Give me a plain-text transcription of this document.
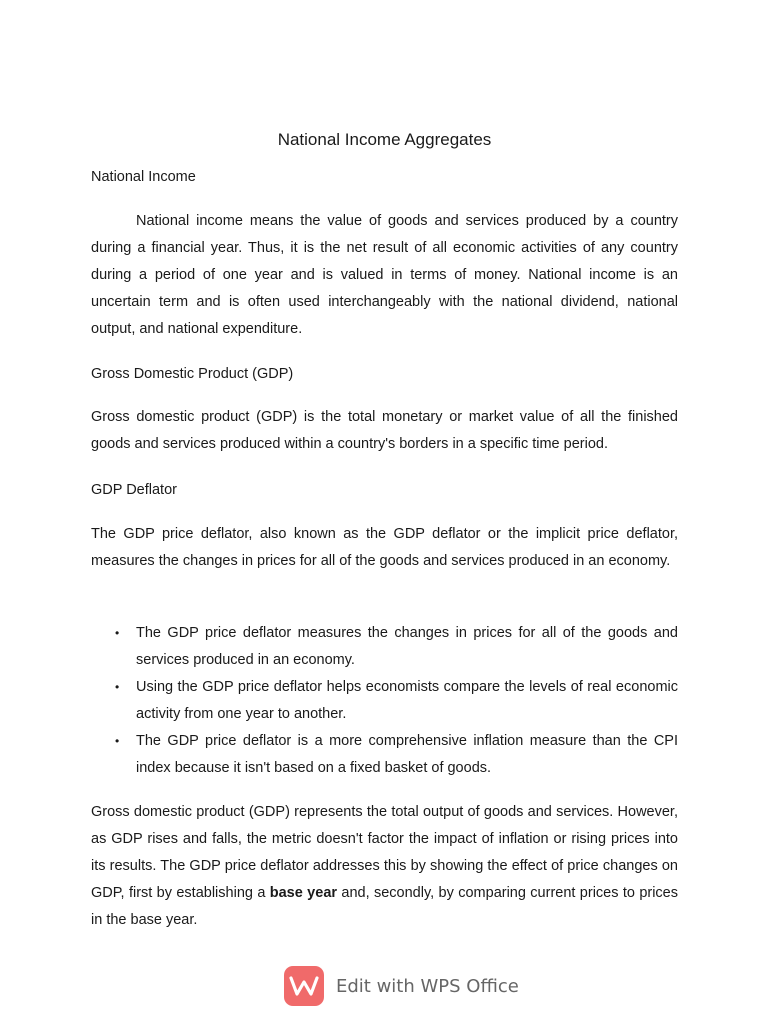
National Income Aggregates
National Income

National income means the value of goods and services produced by a country during a financial year. Thus, it is the net result of all economic activities of any country during a period of one year and is valued in terms of money. National income is an uncertain term and is often used interchangeably with the national dividend, national output, and national expenditure.

Gross Domestic Product (GDP)

Gross domestic product (GDP) is the total monetary or market value of all the finished goods and services produced within a country's borders in a specific time period.

GDP Deflator

The GDP price deflator, also known as the GDP deflator or the implicit price deflator, measures the changes in prices for all of the goods and services produced in an economy.

• The GDP price deflator measures the changes in prices for all of the goods and services produced in an economy.
• Using the GDP price deflator helps economists compare the levels of real economic activity from one year to another.
• The GDP price deflator is a more comprehensive inflation measure than the CPI index because it isn't based on a fixed basket of goods.

Gross domestic product (GDP) represents the total output of goods and services. However, as GDP rises and falls, the metric doesn't factor the impact of inflation or rising prices into its results. The GDP price deflator addresses this by showing the effect of price changes on GDP, first by establishing a base year and, secondly, by comparing current prices to prices in the base year.

Edit with WPS Office
